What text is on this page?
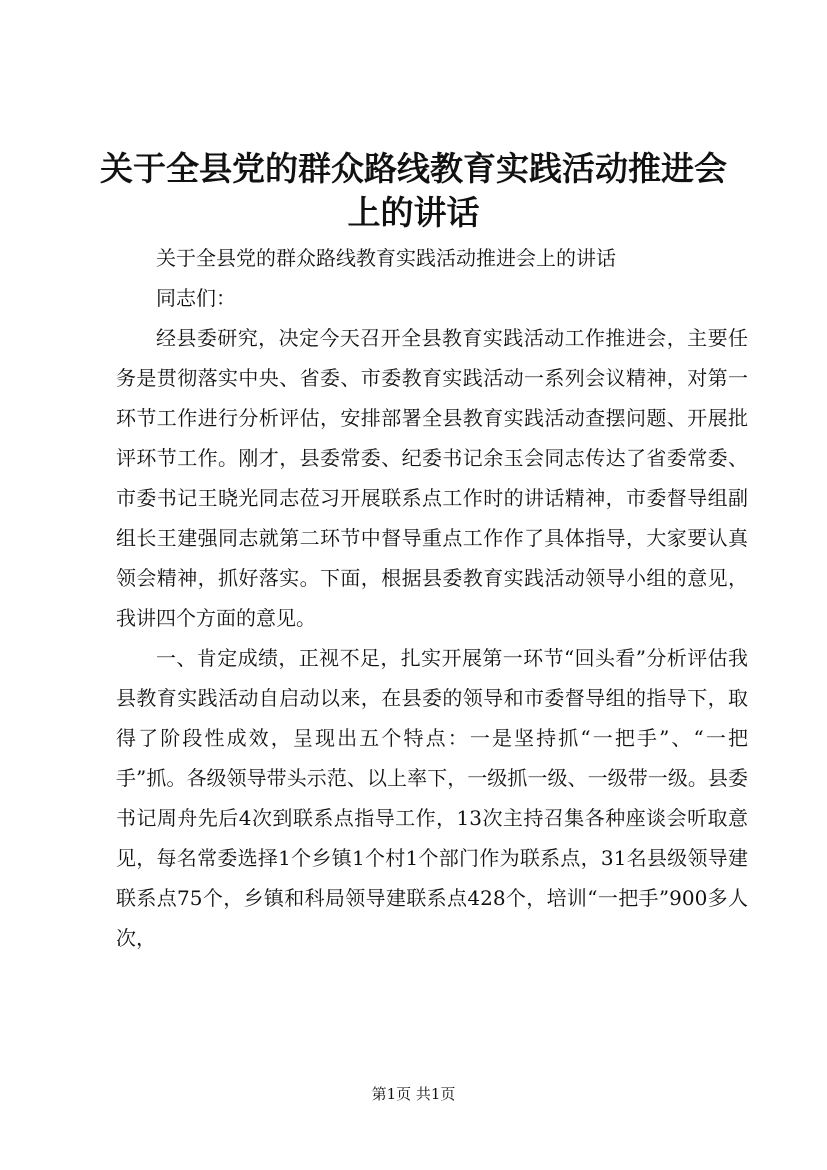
关于全县党的群众路线教育实践活动推进会上的讲话

关于全县党的群众路线教育实践活动推进会上的讲话

同志们：

经县委研究，决定今天召开全县教育实践活动工作推进会，主要任务是贯彻落实中央、省委、市委教育实践活动一系列会议精神，对第一环节工作进行分析评估，安排部署全县教育实践活动查摆问题、开展批评环节工作。刚才，县委常委、纪委书记余玉会同志传达了省委常委、市委书记王晓光同志莅习开展联系点工作时的讲话精神，市委督导组副组长王建强同志就第二环节中督导重点工作作了具体指导，大家要认真领会精神，抓好落实。下面，根据县委教育实践活动领导小组的意见，我讲四个方面的意见。

一、肯定成绩，正视不足，扎实开展第一环节“回头看”分析评估我县教育实践活动自启动以来，在县委的领导和市委督导组的指导下，取得了阶段性成效，呈现出五个特点：一是坚持抓“一把手”、“一把手”抓。各级领导带头示范、以上率下，一级抓一级、一级带一级。县委书记周舟先后4次到联系点指导工作，13次主持召集各种座谈会听取意见，每名常委选择1个乡镇1个村1个部门作为联系点，31名县级领导建联系点75个，乡镇和科局领导建联系点428个，培训“一把手”900多人次，

第1页 共1页
